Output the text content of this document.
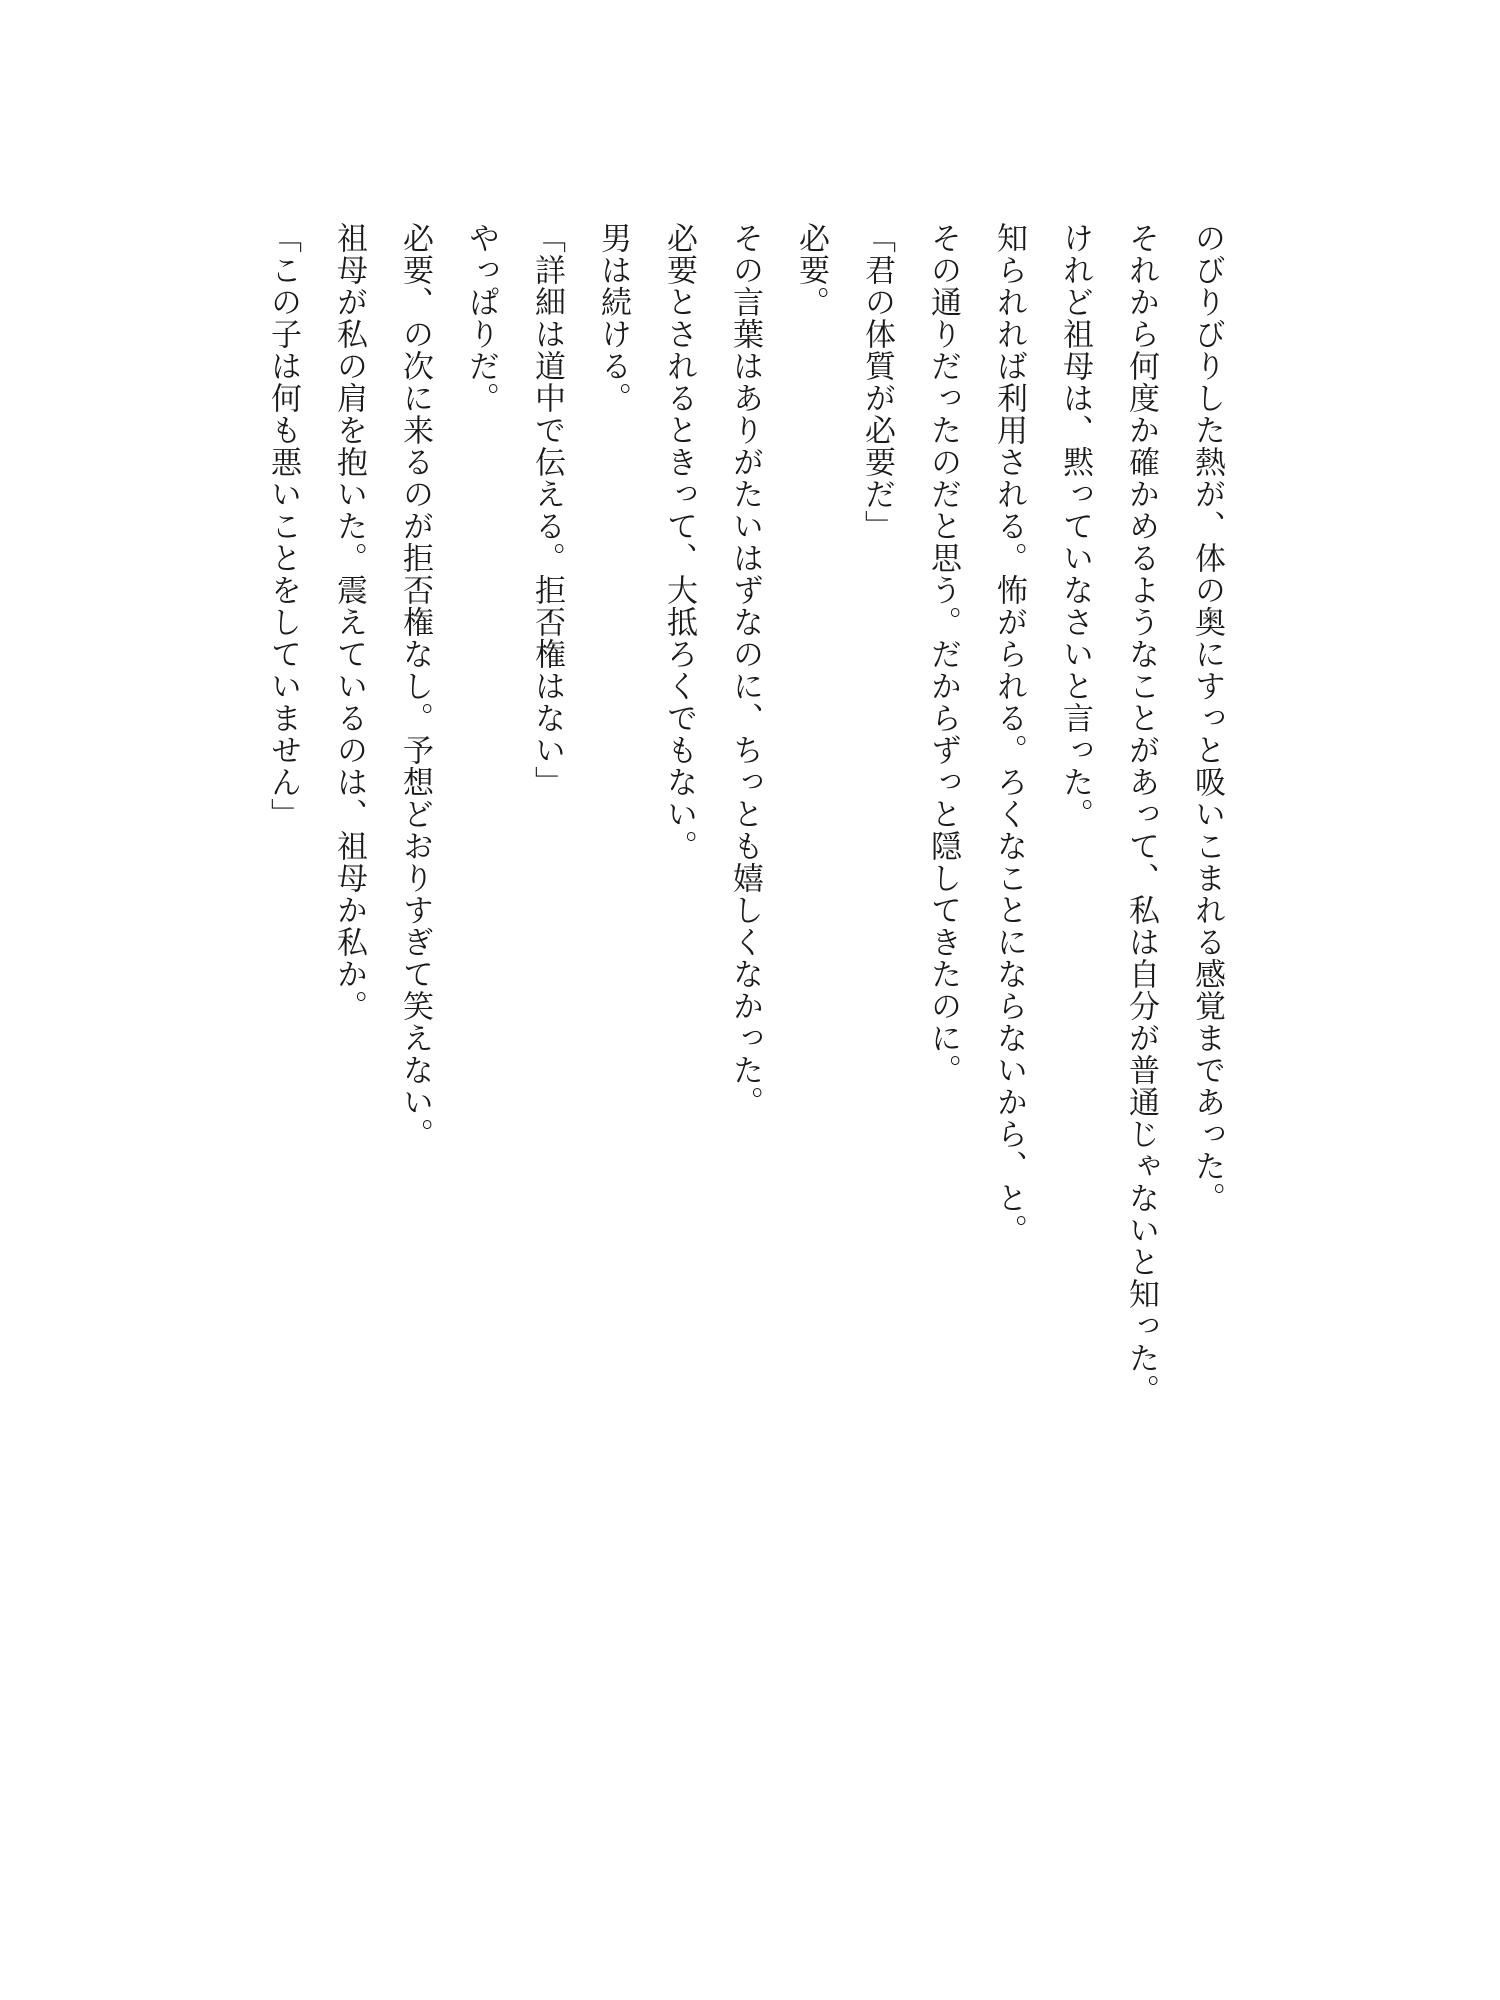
のびりびりした熱が、体の奥にすっと吸いこまれる感覚まであった。

それから何度か確かめるようなことがあって、私は自分が普通じゃないと知った。

けれど祖母は、黙っていなさいと言った。

知られれば利用される。怖がられる。ろくなことにならないから、と。

その通りだったのだと思う。だからずっと隠してきたのに。

「君の体質が必要だ」

必要。

その言葉はありがたいはずなのに、ちっとも嬉しくなかった。

必要とされるときって、大抵ろくでもない。

男は続ける。

「詳細は道中で伝える。拒否権はない」

やっぱりだ。

必要、の次に来るのが拒否権なし。予想どおりすぎて笑えない。

祖母が私の肩を抱いた。震えているのは、祖母か私か。

「この子は何も悪いことをしていません」
